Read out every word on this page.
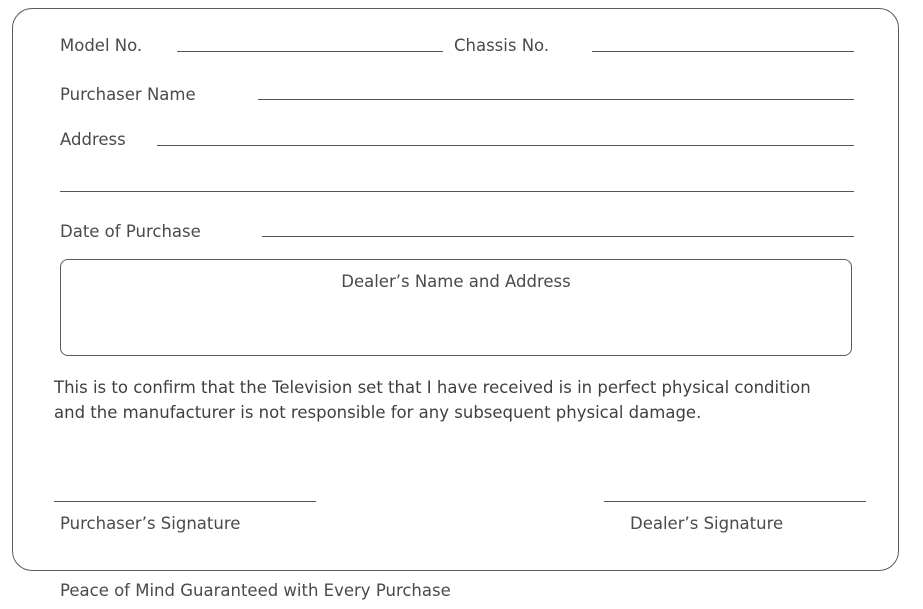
Model No.	Chassis No.
Purchaser Name
Address
Date of Purchase
Dealer’s Name and Address
This is to confirm that the Television set that I have received is in perfect physical condition
and the manufacturer is not responsible for any subsequent physical damage.
Purchaser’s Signature	Dealer’s Signature
Peace of Mind Guaranteed with Every Purchase
